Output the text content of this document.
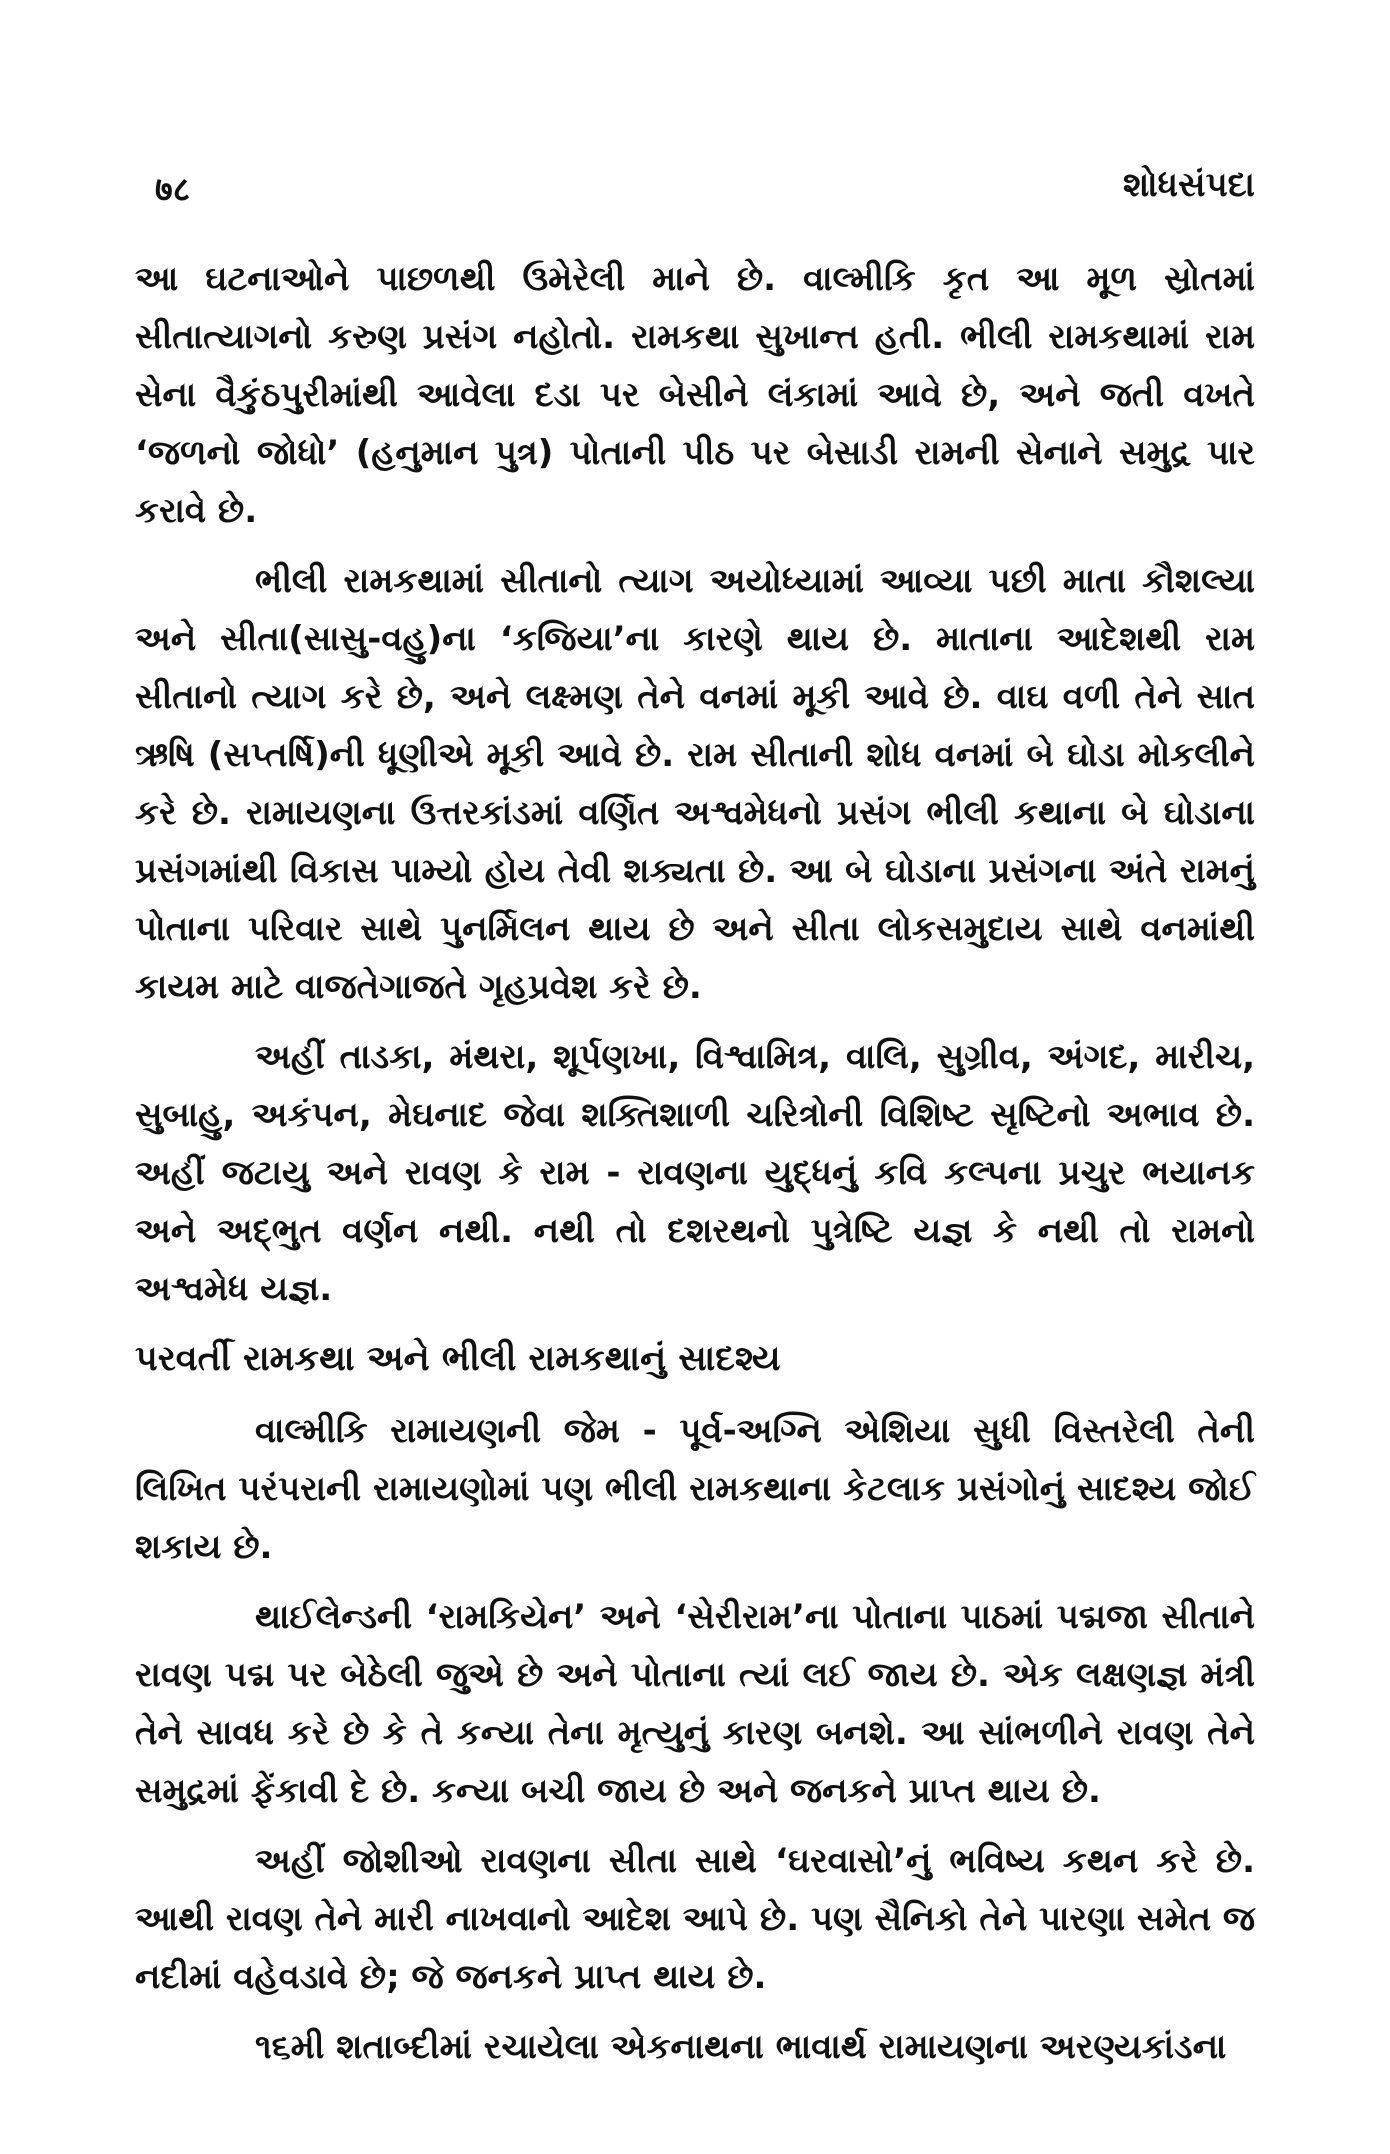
७८	શોધસંપદા

આ ઘટનાઓને પાછળથી ઉમેરેલી માને છે. વાલ્મીકિ કૃત આ મૂળ સ્રોતમાં સીતાત્યાગનો કરુણ પ્રસંગ નહોતો. રામકથા સુખાન્ત હતી. ભીલી રામકથામાં રામ સેના વૈકુંઠપુરીમાંથી આવેલા દડા પર બેસીને લંકામાં આવે છે, અને જતી વખતે ‘જળનો જોધો’ (હનુમાન પુત્ર) પોતાની પીઠ પર બેસાડી રામની સેનાને સમુદ્ર પાર કરાવે છે.

ભીલી રામકથામાં સીતાનો ત્યાગ અયોધ્યામાં આવ્યા પછી માતા કૌશલ્યા અને સીતા(સાસુ-વહુ)ના ‘કજિયા’ના કારણે થાય છે. માતાના આદેશથી રામ સીતાનો ત્યાગ કરે છે, અને લક્ષ્મણ તેને વનમાં મૂકી આવે છે. વાઘ વળી તેને સાત ઋષિ (સપ્તર્ષિ)ની ધૂણીએ મૂકી આવે છે. રામ સીતાની શોધ વનમાં બે ઘોડા મોકલીને કરે છે. રામાયણના ઉત્તરકાંડમાં વર્ણિત અશ્વમેધનો પ્રસંગ ભીલી કથાના બે ઘોડાના પ્રસંગમાંથી વિકાસ પામ્યો હોય તેવી શક્યતા છે. આ બે ઘોડાના પ્રસંગના અંતે રામનું પોતાના પરિવાર સાથે પુનર્મિલન થાય છે અને સીતા લોકસમુદાય સાથે વનમાંથી કાયમ માટે વાજતેગાજતે ગૃહપ્રવેશ કરે છે.

અહીં તાડકા, મંથરા, શૂર્પણખા, વિશ્વામિત્ર, વાલિ, સુગ્રીવ, અંગદ, મારીચ, સુબાહુ, અકંપન, મેઘનાદ જેવા શક્તિશાળી ચરિત્રોની વિશિષ્ટ સૃષ્ટિનો અભાવ છે. અહીં જટાયુ અને રાવણ કે રામ - રાવણના યુદ્ધનું કવિ કલ્પના પ્રચુર ભયાનક અને અદ્‌ભુત વર્ણન નથી. નથી તો દશરથનો પુત્રેષ્ટિ યજ્ઞ કે નથી તો રામનો અશ્વમેધ યજ્ઞ.

પરવર્તી રામકથા અને ભીલી રામકથાનું સાદશ્ય

વાલ્મીકિ રામાયણની જેમ - પૂર્વ-અગ્નિ એશિયા સુધી વિસ્તરેલી તેની લિખિત પરંપરાની રામાયણોમાં પણ ભીલી રામકથાના કેટલાક પ્રસંગોનું સાદશ્ય જોઈ શકાય છે.

થાઈલેન્ડની ‘રામકિયેન’ અને ‘સેરીરામ’ના પોતાના પાઠમાં પદ્મજા સીતાને રાવણ પદ્મ પર બેઠેલી જુએ છે અને પોતાના ત્યાં લઈ જાય છે. એક લક્ષણજ્ઞ મંત્રી તેને સાવધ કરે છે કે તે કન્યા તેના મૃત્યુનું કારણ બનશે. આ સાંભળીને રાવણ તેને સમુદ્રમાં ફેંકાવી દે છે. કન્યા બચી જાય છે અને જનકને પ્રાપ્ત થાય છે.

અહીં જોશીઓ રાવણના સીતા સાથે ‘ઘરવાસો’નું ભવિષ્ય કથન કરે છે. આથી રાવણ તેને મારી નાખવાનો આદેશ આપે છે. પણ સૈનિકો તેને પારણા સમેત જ નદીમાં વહેવડાવે છે; જે જનકને પ્રાપ્ત થાય છે.

૧૬મી શતાબ્દીમાં રચાયેલા એકનાથના ભાવાર્થ રામાયણના અરણ્યકાંડના
